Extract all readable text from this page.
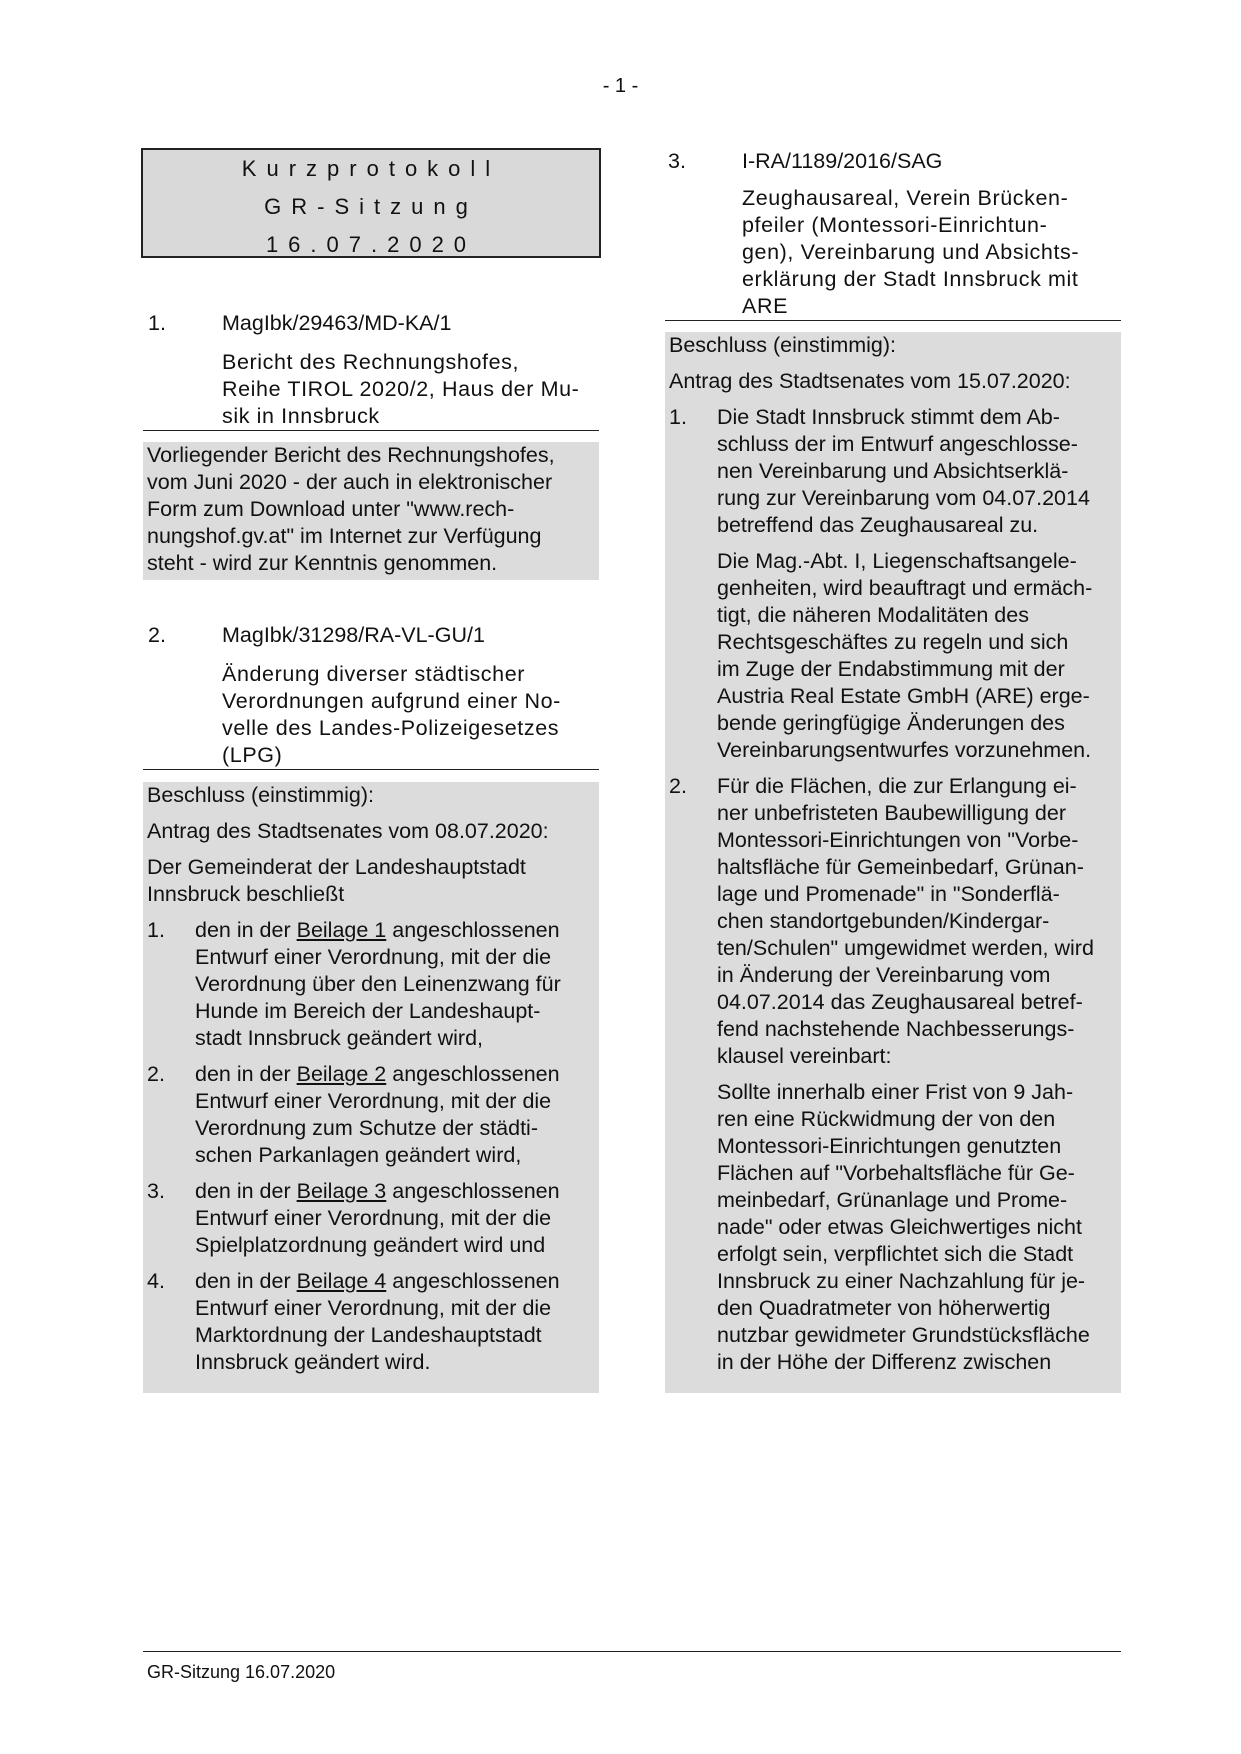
- 1 -
Kurzprotokoll
GR-Sitzung
16.07.2020
1.	MagIbk/29463/MD-KA/1
Bericht des Rechnungshofes,
Reihe TIROL 2020/2, Haus der Mu-
sik in Innsbruck
Vorliegender Bericht des Rechnungshofes,
vom Juni 2020 - der auch in elektronischer
Form zum Download unter "www.rech-
nungshof.gv.at" im Internet zur Verfügung
steht - wird zur Kenntnis genommen.
2.	MagIbk/31298/RA-VL-GU/1
Änderung diverser städtischer
Verordnungen aufgrund einer No-
velle des Landes-Polizeigesetzes
(LPG)
Beschluss (einstimmig):
Antrag des Stadtsenates vom 08.07.2020:
Der Gemeinderat der Landeshauptstadt
Innsbruck beschließt
1. den in der Beilage 1 angeschlossenen
Entwurf einer Verordnung, mit der die
Verordnung über den Leinenzwang für
Hunde im Bereich der Landeshaupt-
stadt Innsbruck geändert wird,
2. den in der Beilage 2 angeschlossenen
Entwurf einer Verordnung, mit der die
Verordnung zum Schutze der städti-
schen Parkanlagen geändert wird,
3. den in der Beilage 3 angeschlossenen
Entwurf einer Verordnung, mit der die
Spielplatzordnung geändert wird und
4. den in der Beilage 4 angeschlossenen
Entwurf einer Verordnung, mit der die
Marktordnung der Landeshauptstadt
Innsbruck geändert wird.
3.	I-RA/1189/2016/SAG
Zeughausareal, Verein Brücken-
pfeiler (Montessori-Einrichtun-
gen), Vereinbarung und Absichts-
erklärung der Stadt Innsbruck mit
ARE
Beschluss (einstimmig):
Antrag des Stadtsenates vom 15.07.2020:
1. Die Stadt Innsbruck stimmt dem Ab-
schluss der im Entwurf angeschlosse-
nen Vereinbarung und Absichtserklä-
rung zur Vereinbarung vom 04.07.2014
betreffend das Zeughausareal zu.
Die Mag.-Abt. I, Liegenschaftsangele-
genheiten, wird beauftragt und ermäch-
tigt, die näheren Modalitäten des
Rechtsgeschäftes zu regeln und sich
im Zuge der Endabstimmung mit der
Austria Real Estate GmbH (ARE) erge-
bende geringfügige Änderungen des
Vereinbarungsentwurfes vorzunehmen.
2. Für die Flächen, die zur Erlangung ei-
ner unbefristeten Baubewilligung der
Montessori-Einrichtungen von "Vorbe-
haltsfläche für Gemeinbedarf, Grünan-
lage und Promenade" in "Sonderflä-
chen standortgebunden/Kindergar-
ten/Schulen" umgewidmet werden, wird
in Änderung der Vereinbarung vom
04.07.2014 das Zeughausareal betref-
fend nachstehende Nachbesserungs-
klausel vereinbart:
Sollte innerhalb einer Frist von 9 Jah-
ren eine Rückwidmung der von den
Montessori-Einrichtungen genutzten
Flächen auf "Vorbehaltsfläche für Ge-
meinbedarf, Grünanlage und Prome-
nade" oder etwas Gleichwertiges nicht
erfolgt sein, verpflichtet sich die Stadt
Innsbruck zu einer Nachzahlung für je-
den Quadratmeter von höherwertig
nutzbar gewidmeter Grundstücksfläche
in der Höhe der Differenz zwischen
GR-Sitzung 16.07.2020
